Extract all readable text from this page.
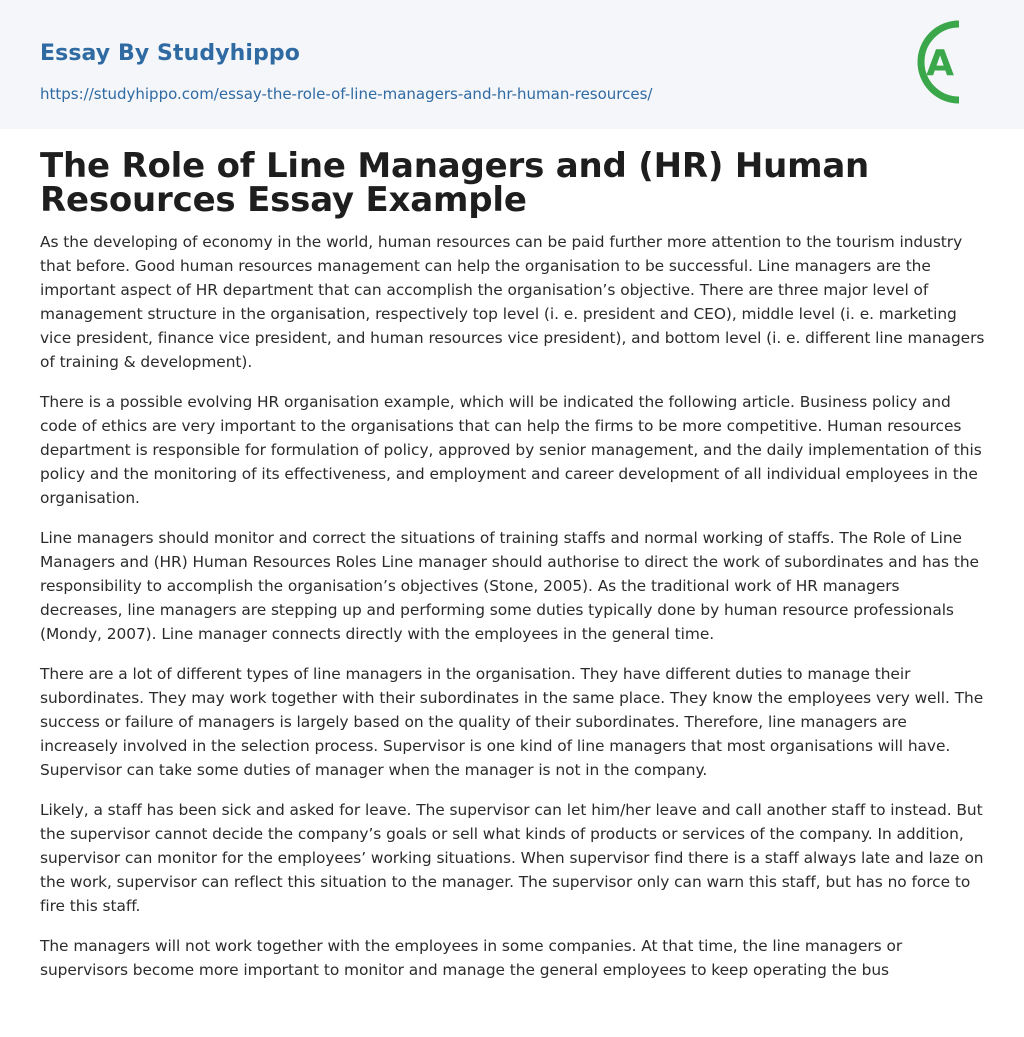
Essay By Studyhippo
https://studyhippo.com/essay-the-role-of-line-managers-and-hr-human-resources/
A
The Role of Line Managers and (HR) Human Resources Essay Example

As the developing of economy in the world, human resources can be paid further more attention to the tourism industry that before. Good human resources management can help the organisation to be successful. Line managers are the important aspect of HR department that can accomplish the organisation’s objective. There are three major level of management structure in the organisation, respectively top level (i. e. president and CEO), middle level (i. e. marketing vice president, finance vice president, and human resources vice president), and bottom level (i. e. different line managers of training & development).

There is a possible evolving HR organisation example, which will be indicated the following article. Business policy and code of ethics are very important to the organisations that can help the firms to be more competitive. Human resources department is responsible for formulation of policy, approved by senior management, and the daily implementation of this policy and the monitoring of its effectiveness, and employment and career development of all individual employees in the organisation.

Line managers should monitor and correct the situations of training staffs and normal working of staffs. The Role of Line Managers and (HR) Human Resources Roles Line manager should authorise to direct the work of subordinates and has the responsibility to accomplish the organisation’s objectives (Stone, 2005). As the traditional work of HR managers decreases, line managers are stepping up and performing some duties typically done by human resource professionals (Mondy, 2007). Line manager connects directly with the employees in the general time.

There are a lot of different types of line managers in the organisation. They have different duties to manage their subordinates. They may work together with their subordinates in the same place. They know the employees very well. The success or failure of managers is largely based on the quality of their subordinates. Therefore, line managers are increasely involved in the selection process. Supervisor is one kind of line managers that most organisations will have. Supervisor can take some duties of manager when the manager is not in the company.

Likely, a staff has been sick and asked for leave. The supervisor can let him/her leave and call another staff to instead. But the supervisor cannot decide the company’s goals or sell what kinds of products or services of the company. In addition, supervisor can monitor for the employees’ working situations. When supervisor find there is a staff always late and laze on the work, supervisor can reflect this situation to the manager. The supervisor only can warn this staff, but has no force to fire this staff.

The managers will not work together with the employees in some companies. At that time, the line managers or supervisors become more important to monitor and manage the general employees to keep operating the bus
